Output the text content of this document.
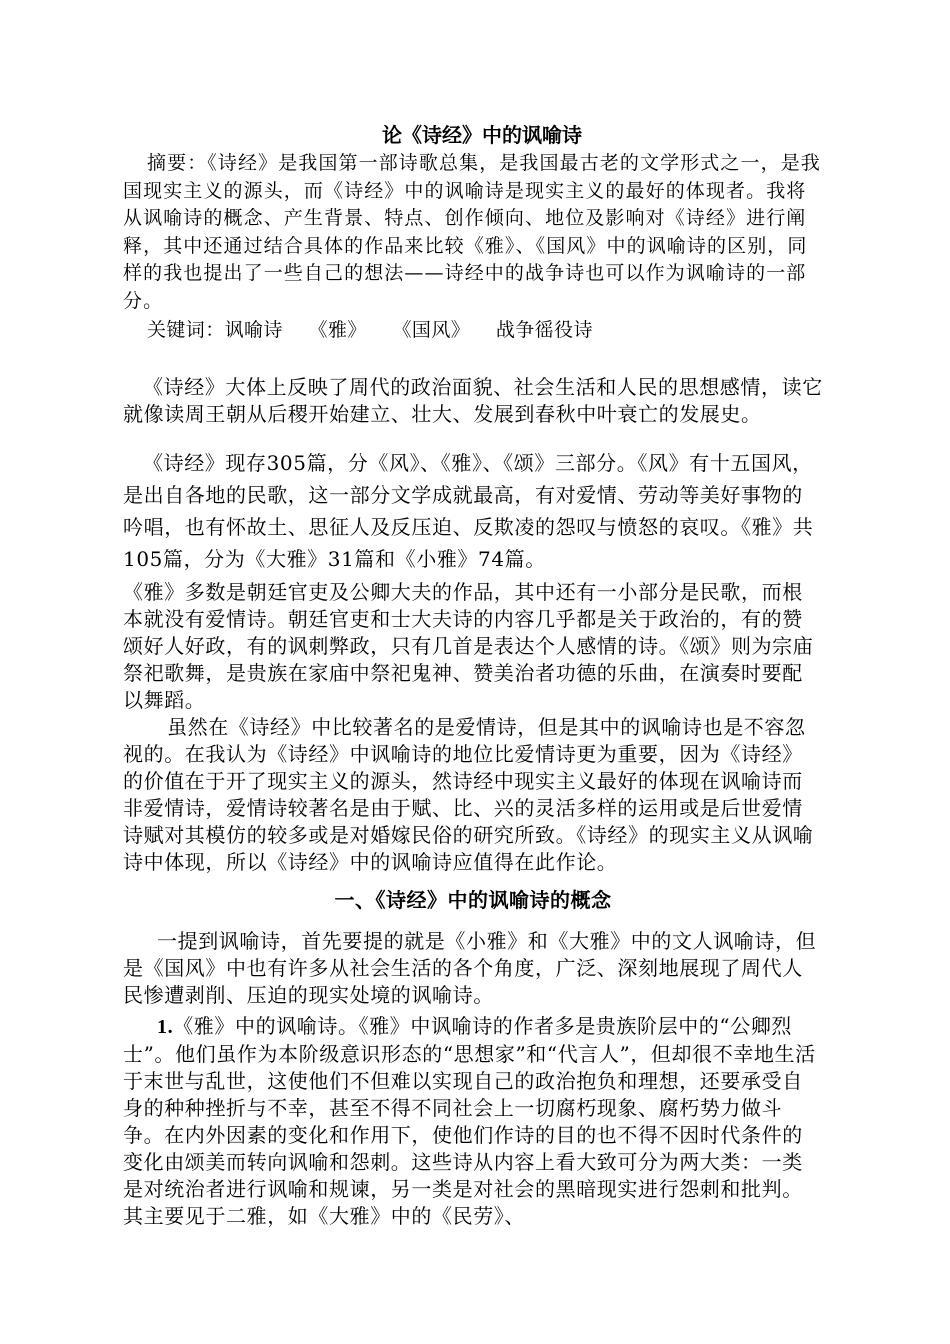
论《诗经》中的讽喻诗

摘要：《诗经》是我国第一部诗歌总集，是我国最古老的文学形式之一，是我国现实主义的源头，而《诗经》中的讽喻诗是现实主义的最好的体现者。我将从讽喻诗的概念、产生背景、特点、创作倾向、地位及影响对《诗经》进行阐释，其中还通过结合具体的作品来比较《雅》、《国风》中的讽喻诗的区别，同样的我也提出了一些自己的想法——诗经中的战争诗也可以作为讽喻诗的一部分。

关键词：讽喻诗    《雅》    《国风》    战争徭役诗

《诗经》大体上反映了周代的政治面貌、社会生活和人民的思想感情，读它就像读周王朝从后稷开始建立、壮大、发展到春秋中叶衰亡的发展史。

《诗经》现存305篇，分《风》、《雅》、《颂》三部分。《风》有十五国风，是出自各地的民歌，这一部分文学成就最高，有对爱情、劳动等美好事物的吟唱，也有怀故土、思征人及反压迫、反欺凌的怨叹与愤怒的哀叹。《雅》共105篇，分为《大雅》31篇和《小雅》74篇。

《雅》多数是朝廷官吏及公卿大夫的作品，其中还有一小部分是民歌，而根本就没有爱情诗。朝廷官吏和士大夫诗的内容几乎都是关于政治的，有的赞颂好人好政，有的讽刺弊政，只有几首是表达个人感情的诗。《颂》则为宗庙祭祀歌舞，是贵族在家庙中祭祀鬼神、赞美治者功德的乐曲，在演奏时要配以舞蹈。

虽然在《诗经》中比较著名的是爱情诗，但是其中的讽喻诗也是不容忽视的。在我认为《诗经》中讽喻诗的地位比爱情诗更为重要，因为《诗经》的价值在于开了现实主义的源头，然诗经中现实主义最好的体现在讽喻诗而非爱情诗，爱情诗较著名是由于赋、比、兴的灵活多样的运用或是后世爱情诗赋对其模仿的较多或是对婚嫁民俗的研究所致。《诗经》的现实主义从讽喻诗中体现，所以《诗经》中的讽喻诗应值得在此作论。

一、《诗经》中的讽喻诗的概念

一提到讽喻诗，首先要提的就是《小雅》和《大雅》中的文人讽喻诗，但是《国风》中也有许多从社会生活的各个角度，广泛、深刻地展现了周代人民惨遭剥削、压迫的现实处境的讽喻诗。

1.《雅》中的讽喻诗。《雅》中讽喻诗的作者多是贵族阶层中的“公卿烈士”。他们虽作为本阶级意识形态的“思想家”和“代言人”，但却很不幸地生活于末世与乱世，这使他们不但难以实现自己的政治抱负和理想，还要承受自身的种种挫折与不幸，甚至不得不同社会上一切腐朽现象、腐朽势力做斗争。在内外因素的变化和作用下，使他们作诗的目的也不得不因时代条件的变化由颂美而转向讽喻和怨刺。这些诗从内容上看大致可分为两大类：一类是对统治者进行讽喻和规谏，另一类是对社会的黑暗现实进行怨刺和批判。其主要见于二雅，如《大雅》中的《民劳》、
